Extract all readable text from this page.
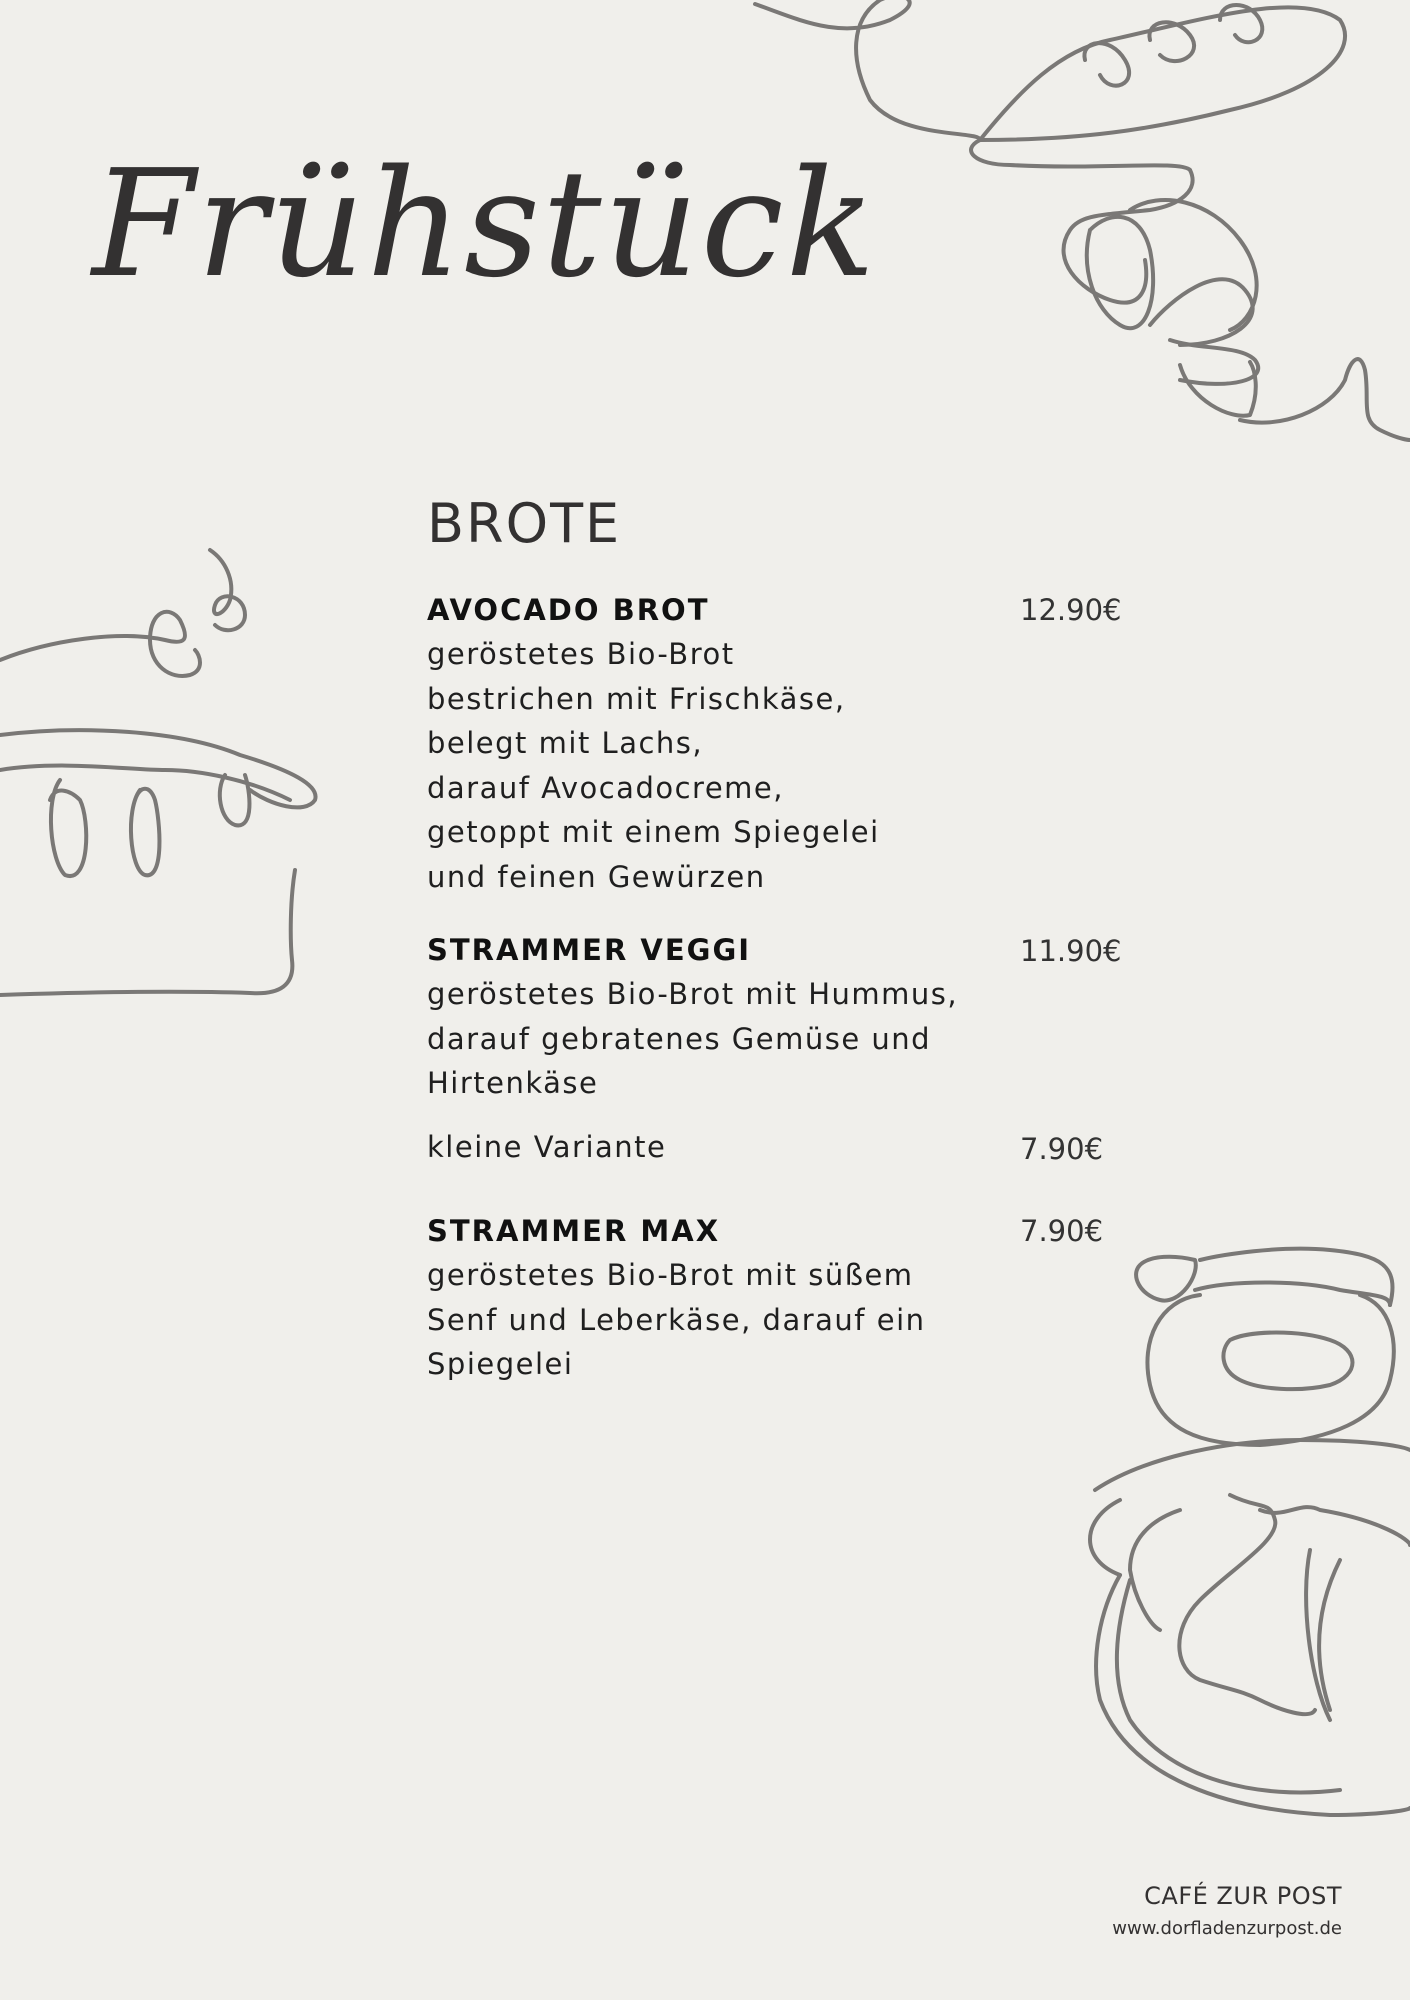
Frühstück
BROTE

AVOCADO BROT

geröstetes Bio-Brot
bestrichen mit Frischkäse,
belegt mit Lachs,
darauf Avocadocreme,
getoppt mit einem Spiegelei
und feinen Gewürzen

12.90€

STRAMMER VEGGI

geröstetes Bio-Brot mit Hummus,
darauf gebratenes Gemüse und
Hirtenkäse

11.90€

kleine Variante	7.90€

STRAMMER MAX

geröstetes Bio-Brot mit süßem
Senf und Leberkäse, darauf ein
Spiegelei

7.90€
CAFÉ ZUR POST
www.dorfladenzurpost.de
